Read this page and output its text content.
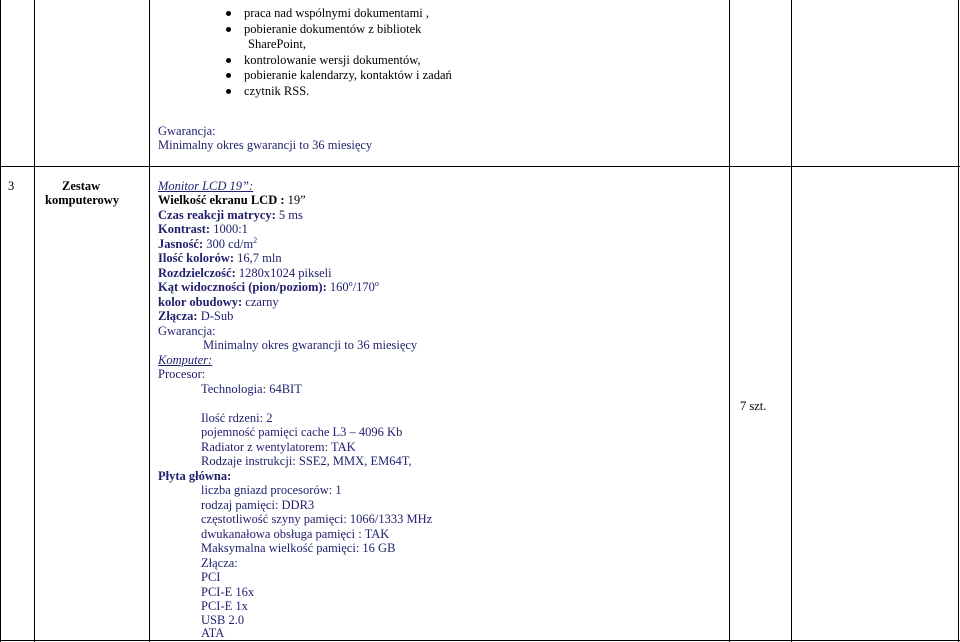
praca nad wspólnymi dokumentami ,
pobieranie dokumentów z bibliotek
SharePoint,
kontrolowanie wersji dokumentów,
pobieranie kalendarzy, kontaktów i zadań
czytnik RSS.
Gwarancja:
Minimalny okres gwarancji to 36 miesięcy
3	Zestaw
komputerowy
7 szt.
Monitor LCD 19”:
Wielkość ekranu LCD : 19”
Czas reakcji matrycy: 5 ms
Kontrast: 1000:1
Jasność: 300 $cd/m^2$
Ilość kolorów: 16,7 mln
Rozdzielczość: 1280x1024 pikseli
Kąt widoczności (pion/poziom): 160$^o$/170$^o$
kolor obudowy: czarny
Złącza: D-Sub
Gwarancja:
Minimalny okres gwarancji to 36 miesięcy
Komputer:
Procesor:
Technologia: 64BIT
Ilość rdzeni: 2
pojemność pamięci cache L3 – 4096 Kb
Radiator z wentylatorem: TAK
Rodzaje instrukcji: SSE2, MMX, EM64T,
Płyta główna:
liczba gniazd procesorów: 1
rodzaj pamięci: DDR3
częstotliwość szyny pamięci: 1066/1333 MHz
dwukanałowa obsługa pamięci : TAK
Maksymalna wielkość pamięci: 16 GB
Złącza:
PCI
PCI-E 16x
PCI-E 1x
USB 2.0
ATA
